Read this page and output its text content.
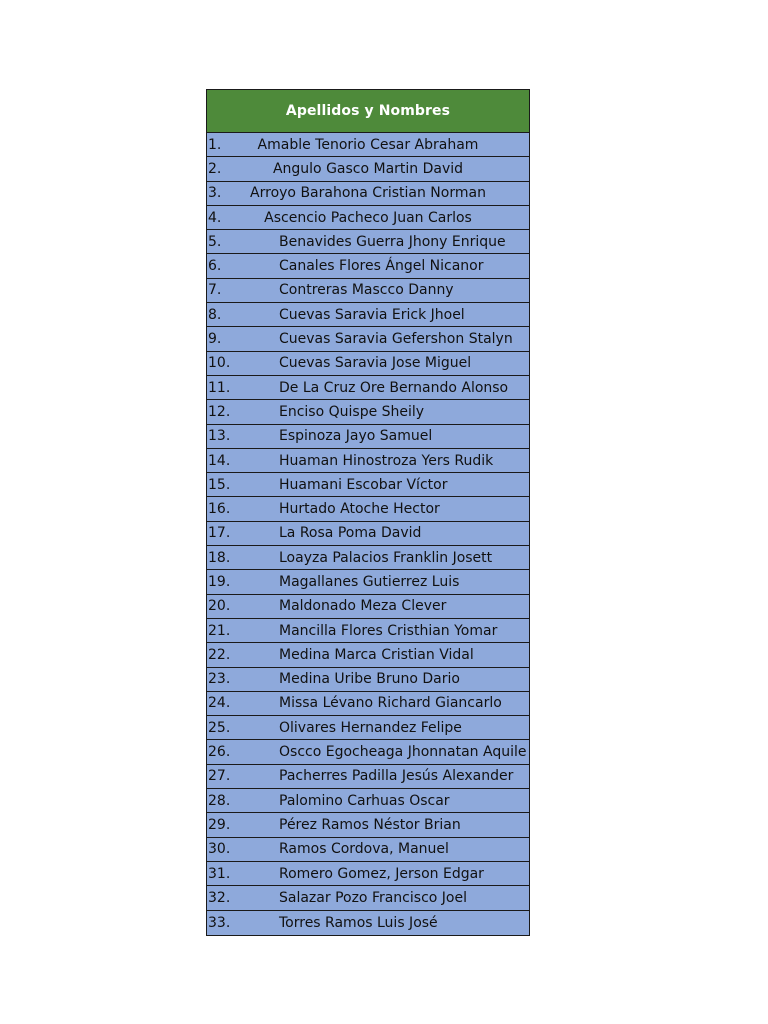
Apellidos y Nombres
1.	Amable Tenorio Cesar Abraham
2.	Angulo Gasco Martin David
3.	Arroyo Barahona Cristian Norman
4.	Ascencio Pacheco Juan Carlos
5.	Benavides Guerra Jhony Enrique
6.	Canales Flores Ángel Nicanor
7.	Contreras Mascco Danny
8.	Cuevas Saravia Erick Jhoel
9.	Cuevas Saravia Gefershon Stalyn
10.	Cuevas Saravia Jose Miguel
11.	De La Cruz Ore Bernando Alonso
12.	Enciso Quispe Sheily
13.	Espinoza Jayo Samuel
14.	Huaman Hinostroza Yers Rudik
15.	Huamani Escobar Víctor
16.	Hurtado Atoche Hector
17.	La Rosa Poma David
18.	Loayza Palacios Franklin Josett
19.	Magallanes Gutierrez Luis
20.	Maldonado Meza Clever
21.	Mancilla Flores Cristhian Yomar
22.	Medina Marca Cristian Vidal
23.	Medina Uribe Bruno Dario
24.	Missa Lévano Richard Giancarlo
25.	Olivares Hernandez Felipe
26.	Oscco Egocheaga Jhonnatan Aquile
27.	Pacherres Padilla Jesús Alexander
28.	Palomino Carhuas Oscar
29.	Pérez Ramos Néstor Brian
30.	Ramos Cordova, Manuel
31.	Romero Gomez, Jerson Edgar
32.	Salazar Pozo Francisco Joel
33.	Torres Ramos Luis José
